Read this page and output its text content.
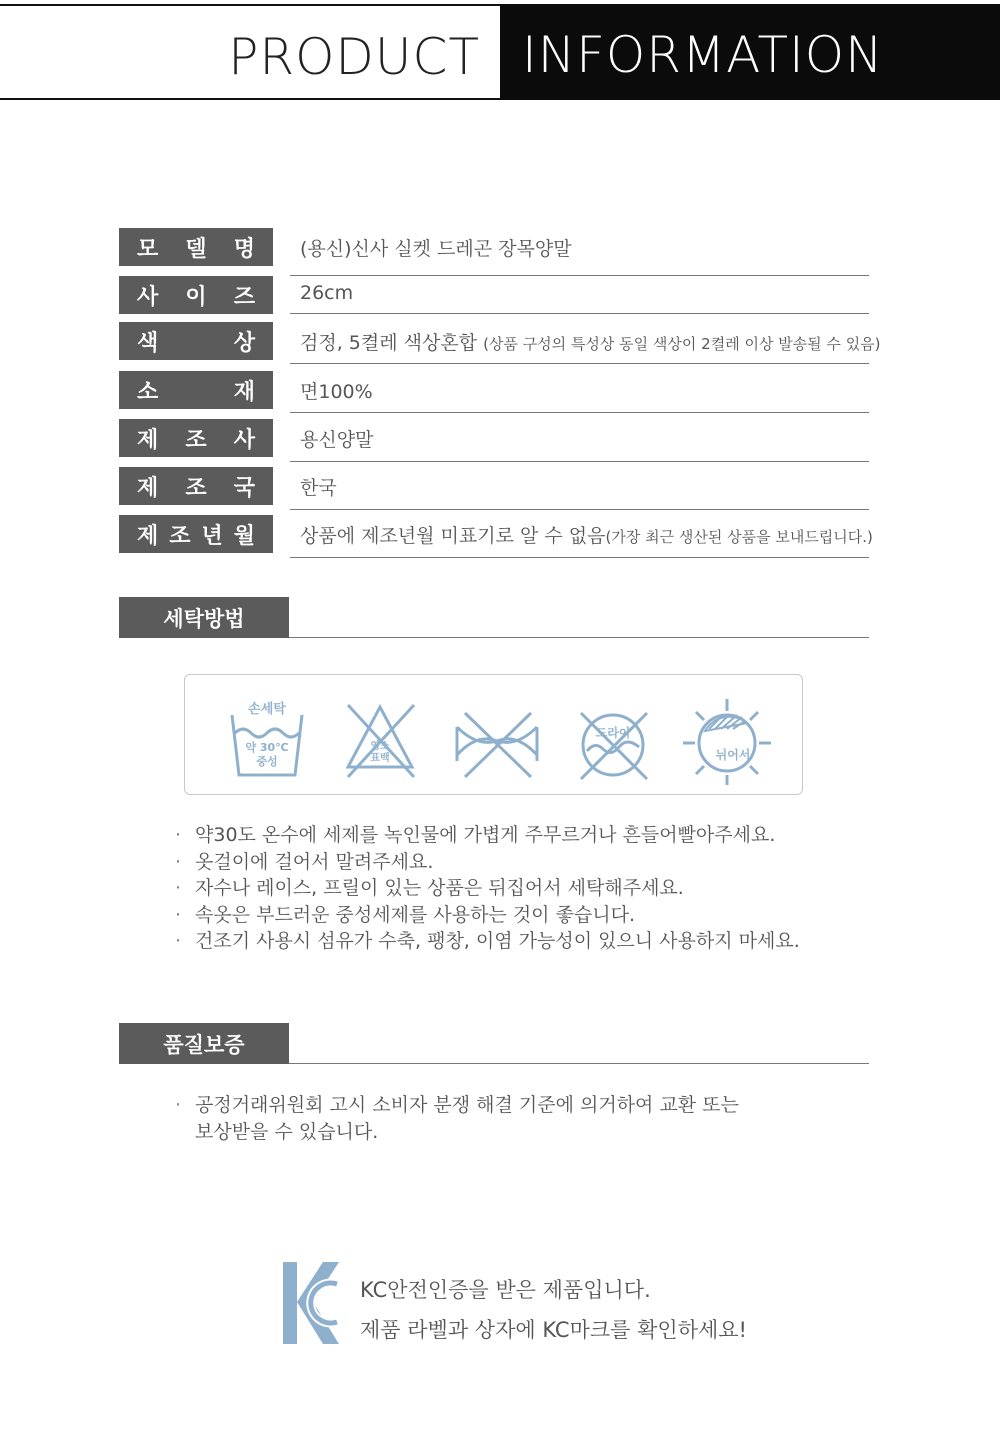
PRODUCT INFORMATION
모 델 명 (용신)신사 실켓 드레곤 장목양말
사 이 즈 26cm
색	상 검정, 5켤레 색상혼합 (상품 구성의 특성상 동일 색상이 2켤레 이상 발송될 수 있음)
소	재 면100%
제 조 사 용신양말
제 조 국 한국
제 조 년 월 상품에 제조년월 미표기로 알 수 없음(가장 최근 생산된 상품을 보내드립니다.)
세탁방법
손세탁
약 30℃
중성
염소
표백
드라이
뉘어서
· 약30도 온수에 세제를 녹인물에 가볍게 주무르거나 흔들어빨아주세요.
· 옷걸이에 걸어서 말려주세요.
· 자수나 레이스, 프릴이 있는 상품은 뒤집어서 세탁해주세요.
· 속옷은 부드러운 중성세제를 사용하는 것이 좋습니다.
· 건조기 사용시 섬유가 수축, 팽창, 이염 가능성이 있으니 사용하지 마세요.
품질보증
· 공정거래위원회 고시 소비자 분쟁 해결 기준에 의거하여 교환 또는
보상받을 수 있습니다.
KC안전인증을 받은 제품입니다.
제품 라벨과 상자에 KC마크를 확인하세요!
